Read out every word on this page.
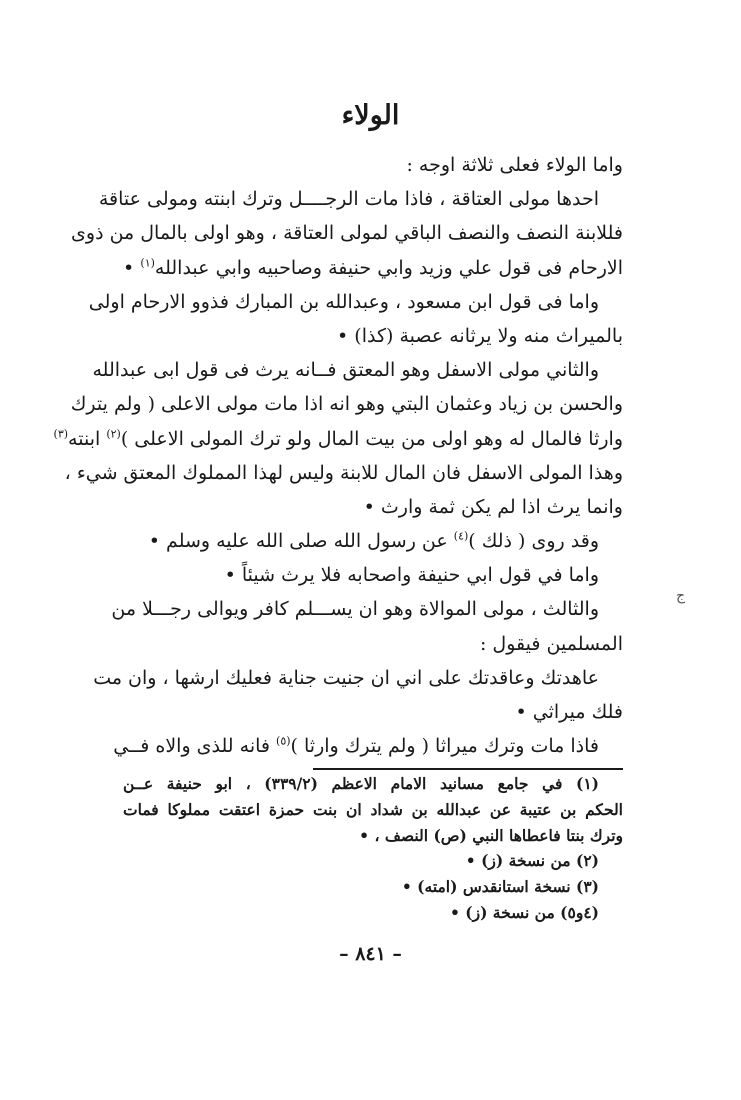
الولاء
واما الولاء فعلى ثلاثة اوجه :
احدها مولى العتاقة ، فاذا مات الرجــــل وترك ابنته ومولى عتاقة
فللابنة النصف والنصف الباقي لمولى العتاقة ، وهو اولى بالمال من ذوى
الارحام فى قول علي وزيد وابي حنيفة وصاحبيه وابي عبدالله$^{(١)}$ •
واما فى قول ابن مسعود ، وعبدالله بن المبارك فذوو الارحام اولى
بالميراث منه ولا يرثانه عصبة (كذا) •
والثاني مولى الاسفل وهو المعتق فــانه يرث فى قول ابى عبدالله
والحسن بن زياد وعثمان البتي وهو انه اذا مات مولى الاعلى ( ولم يترك
وارثا فالمال له وهو اولى من بيت المال ولو ترك المولى الاعلى )$^{(٢)}$ ابنته$^{(٣)}$
وهذا المولى الاسفل فان المال للابنة وليس لهذا المملوك المعتق شيء ،
وانما يرث اذا لم يكن ثمة وارث •
وقد روى ( ذلك )$^{(٤)}$ عن رسول الله صلى الله عليه وسلم •
واما في قول ابي حنيفة واصحابه فلا يرث شيئاً •
والثالث ، مولى الموالاة وهو ان يســـلم كافر ويوالى رجـــلا من
المسلمين فيقول :
عاهدتك وعاقدتك على اني ان جنيت جناية فعليك ارشها ، وان مت
فلك ميراثي •
فاذا مات وترك ميراثا ( ولم يترك وارثا )$^{(٥)}$ فانه للذى والاه فــي
(١) في جامع مسانيد الامام الاعظم (٣٣٩/٢) ، ابو حنيفة عــن
الحكم بن عتيبة عن عبدالله بن شداد ان بنت حمزة اعتقت مملوكا فمات
وترك بنتا فاعطاها النبي (ص) النصف ، •
(٢) من نسخة (ز) •
(٣) نسخة استانقدس (امته) •
(٤و٥) من نسخة (ز) •
– ٨٤١ –
ج
